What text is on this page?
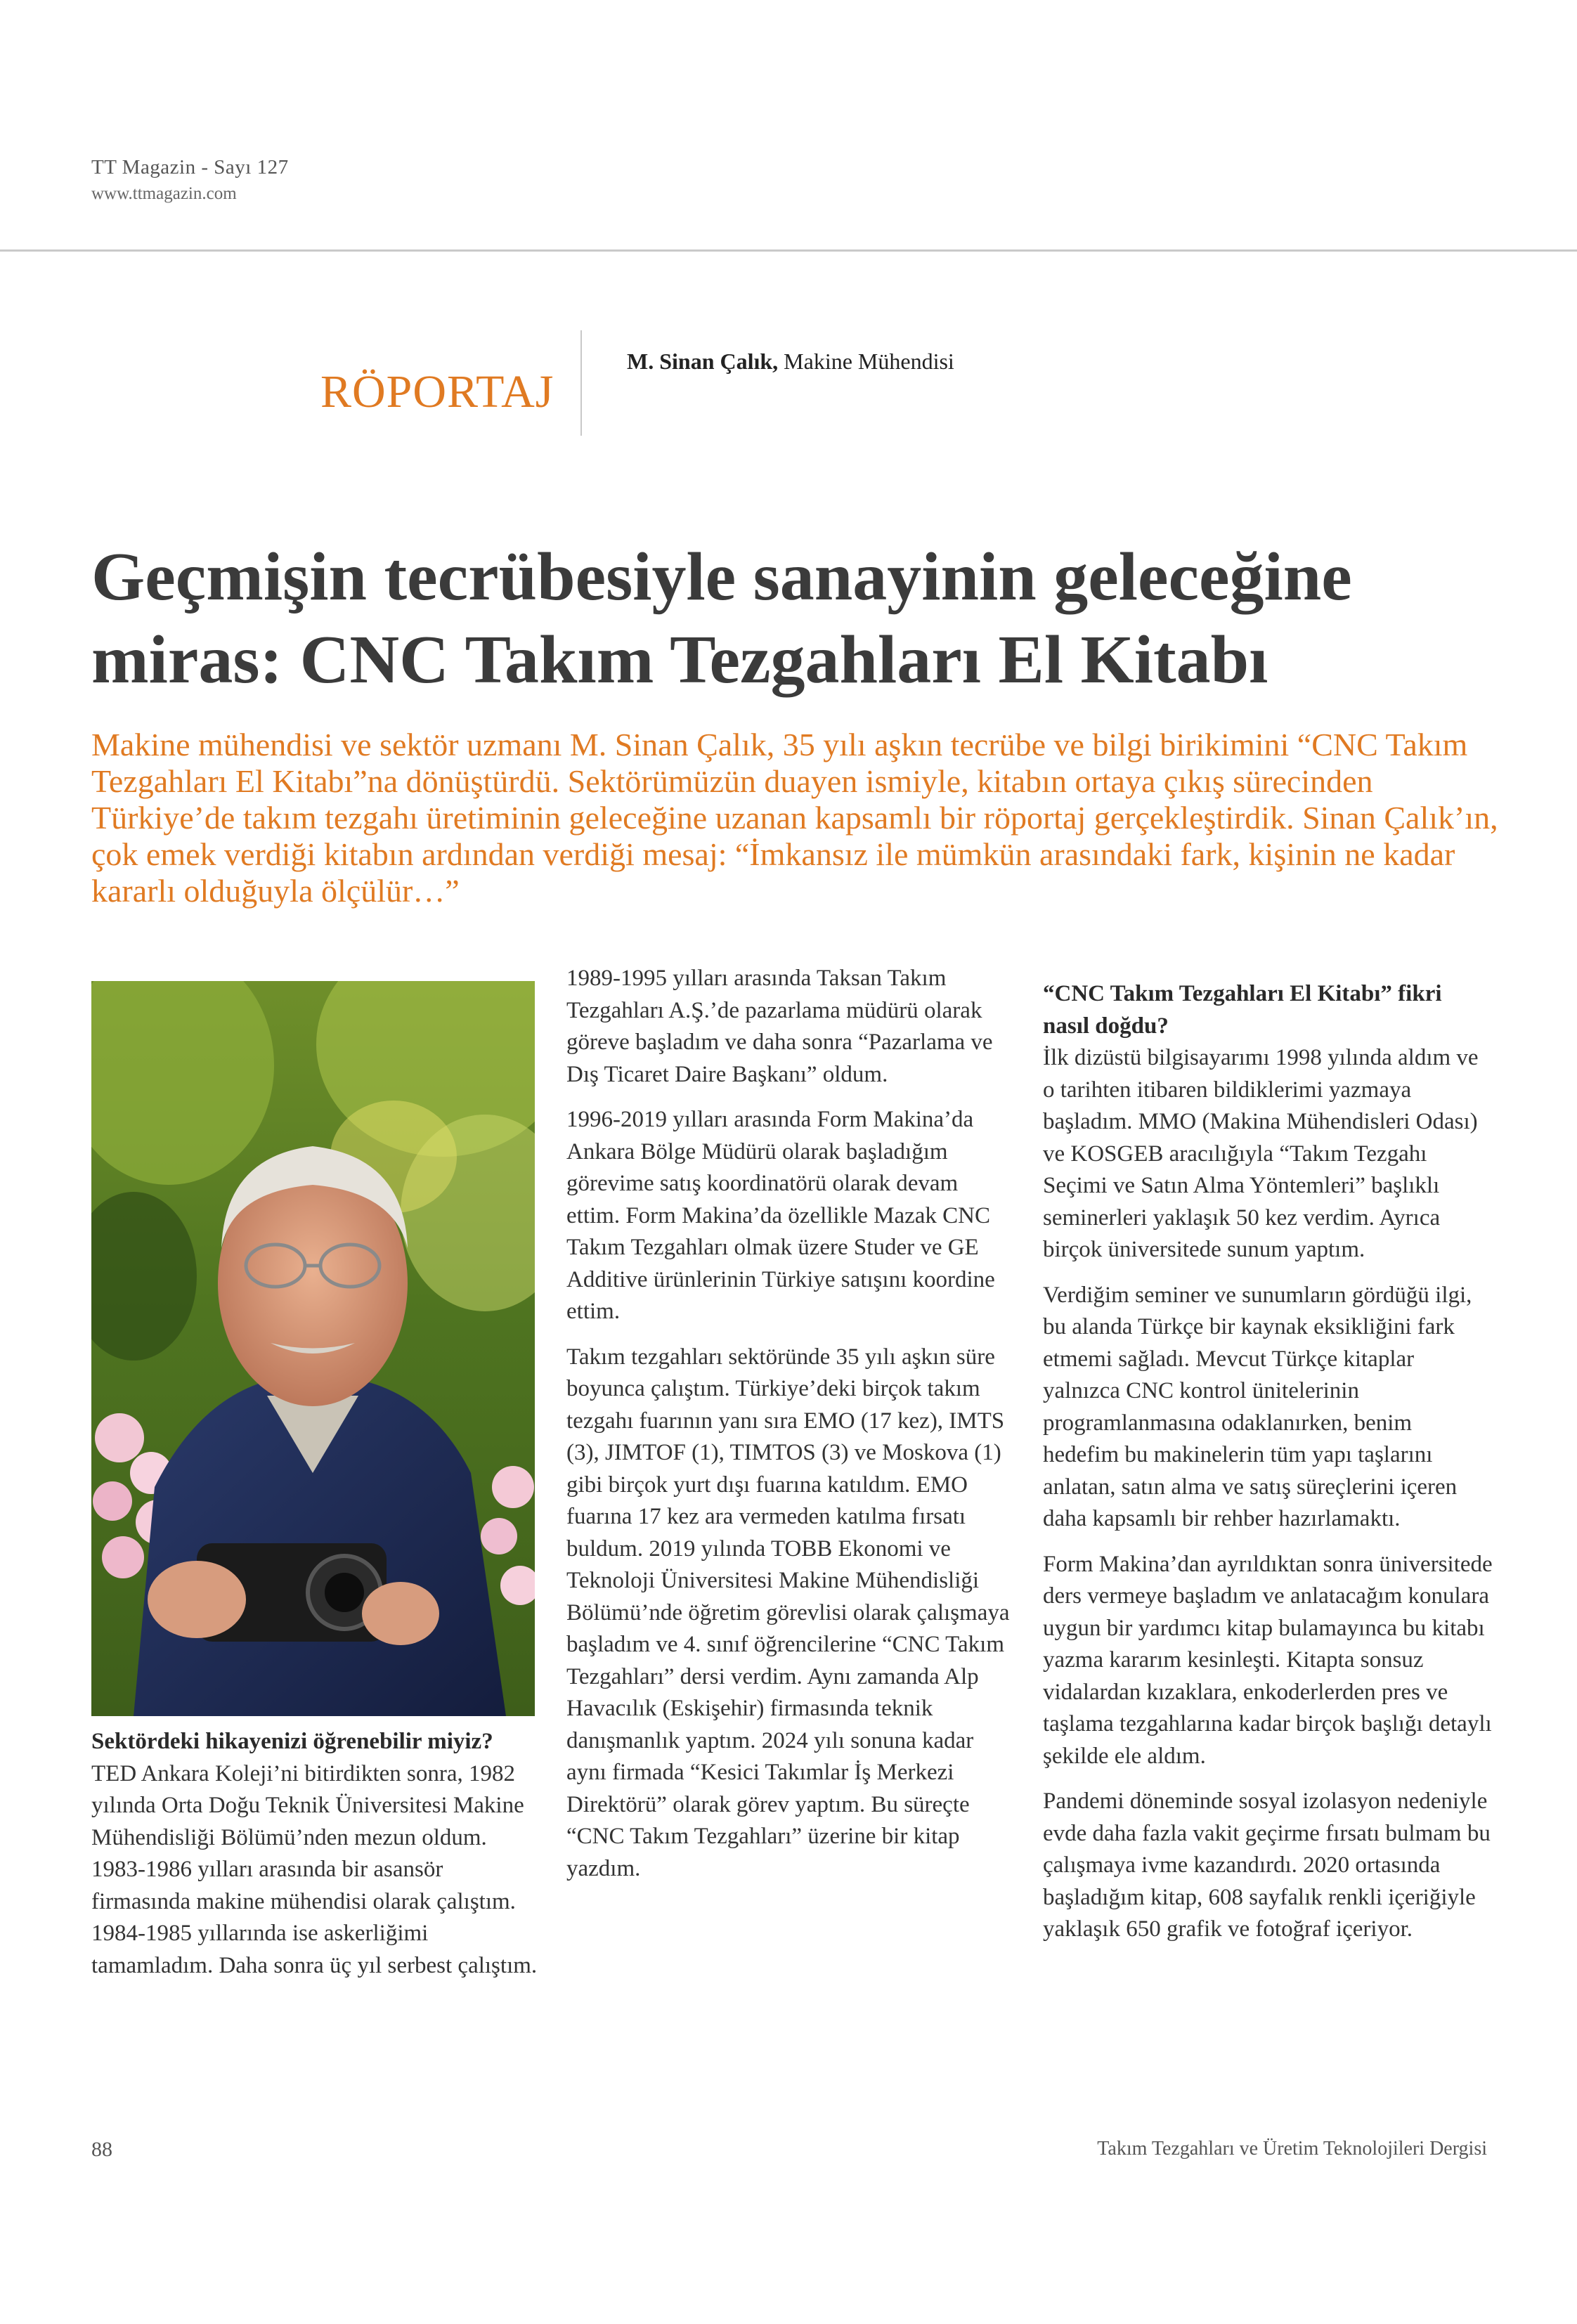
TT Magazin - Sayı 127
www.ttmagazin.com
RÖPORTAJ
M. Sinan Çalık, Makine Mühendisi
Geçmişin tecrübesiyle sanayinin geleceğine
miras: CNC Takım Tezgahları El Kitabı
Makine mühendisi ve sektör uzmanı M. Sinan Çalık, 35 yılı aşkın tecrübe ve bilgi birikimini “CNC Takım Tezgahları El Kitabı”na dönüştürdü. Sektörümüzün duayen ismiyle, kitabın ortaya çıkış sürecinden Türkiye’de takım tezgahı üretiminin geleceğine uzanan kapsamlı bir röportaj gerçekleştirdik. Sinan Çalık’ın, çok emek verdiği kitabın ardından verdiği mesaj: “İmkansız ile mümkün arasındaki fark, kişinin ne kadar kararlı olduğuyla ölçülür…”
Sektördeki hikayenizi öğrenebilir miyiz?

TED Ankara Koleji’ni bitirdikten sonra, 1982 yılında Orta Doğu Teknik Üniversitesi Makine Mühendisliği Bölümü’nden mezun oldum. 1983-1986 yılları arasında bir asansör firmasında makine mühendisi olarak çalıştım. 1984-1985 yıllarında ise askerliğimi tamamladım. Daha sonra üç yıl serbest çalıştım.

1989-1995 yılları arasında Taksan Takım Tezgahları A.Ş.’de pazarlama müdürü olarak göreve başladım ve daha sonra “Pazarlama ve Dış Ticaret Daire Başkanı” oldum.

1996-2019 yılları arasında Form Makina’da Ankara Bölge Müdürü olarak başladığım görevime satış koordinatörü olarak devam ettim. Form Makina’da özellikle Mazak CNC Takım Tezgahları olmak üzere Studer ve GE Additive ürünlerinin Türkiye satışını koordine ettim.

Takım tezgahları sektöründe 35 yılı aşkın süre boyunca çalıştım. Türkiye’deki birçok takım tezgahı fuarının yanı sıra EMO (17 kez), IMTS (3), JIMTOF (1), TIMTOS (3) ve Moskova (1) gibi birçok yurt dışı fuarına katıldım. EMO fuarına 17 kez ara vermeden katılma fırsatı buldum. 2019 yılında TOBB Ekonomi ve Teknoloji Üniversitesi Makine Mühendisliği Bölümü’nde öğretim görevlisi olarak çalışmaya başladım ve 4. sınıf öğrencilerine “CNC Takım Tezgahları” dersi verdim. Aynı zamanda Alp Havacılık (Eskişehir) firmasında teknik danışmanlık yaptım. 2024 yılı sonuna kadar aynı firmada “Kesici Takımlar İş Merkezi Direktörü” olarak görev yaptım. Bu süreçte “CNC Takım Tezgahları” üzerine bir kitap yazdım.

“CNC Takım Tezgahları El Kitabı” fikri nasıl doğdu?

İlk dizüstü bilgisayarımı 1998 yılında aldım ve o tarihten itibaren bildiklerimi yazmaya başladım. MMO (Makina Mühendisleri Odası) ve KOSGEB aracılığıyla “Takım Tezgahı Seçimi ve Satın Alma Yöntemleri” başlıklı seminerleri yaklaşık 50 kez verdim. Ayrıca birçok üniversitede sunum yaptım.

Verdiğim seminer ve sunumların gördüğü ilgi, bu alanda Türkçe bir kaynak eksikliğini fark etmemi sağladı. Mevcut Türkçe kitaplar yalnızca CNC kontrol ünitelerinin programlanmasına odaklanırken, benim hedefim bu makinelerin tüm yapı taşlarını anlatan, satın alma ve satış süreçlerini içeren daha kapsamlı bir rehber hazırlamaktı.

Form Makina’dan ayrıldıktan sonra üniversitede ders vermeye başladım ve anlatacağım konulara uygun bir yardımcı kitap bulamayınca bu kitabı yazma kararım kesinleşti. Kitapta sonsuz vidalardan kızaklara, enkoderlerden pres ve taşlama tezgahlarına kadar birçok başlığı detaylı şekilde ele aldım.

Pandemi döneminde sosyal izolasyon nedeniyle evde daha fazla vakit geçirme fırsatı bulmam bu çalışmaya ivme kazandırdı. 2020 ortasında başladığım kitap, 608 sayfalık renkli içeriğiyle yaklaşık 650 grafik ve fotoğraf içeriyor.

88	Takım Tezgahları ve Üretim Teknolojileri Dergisi
